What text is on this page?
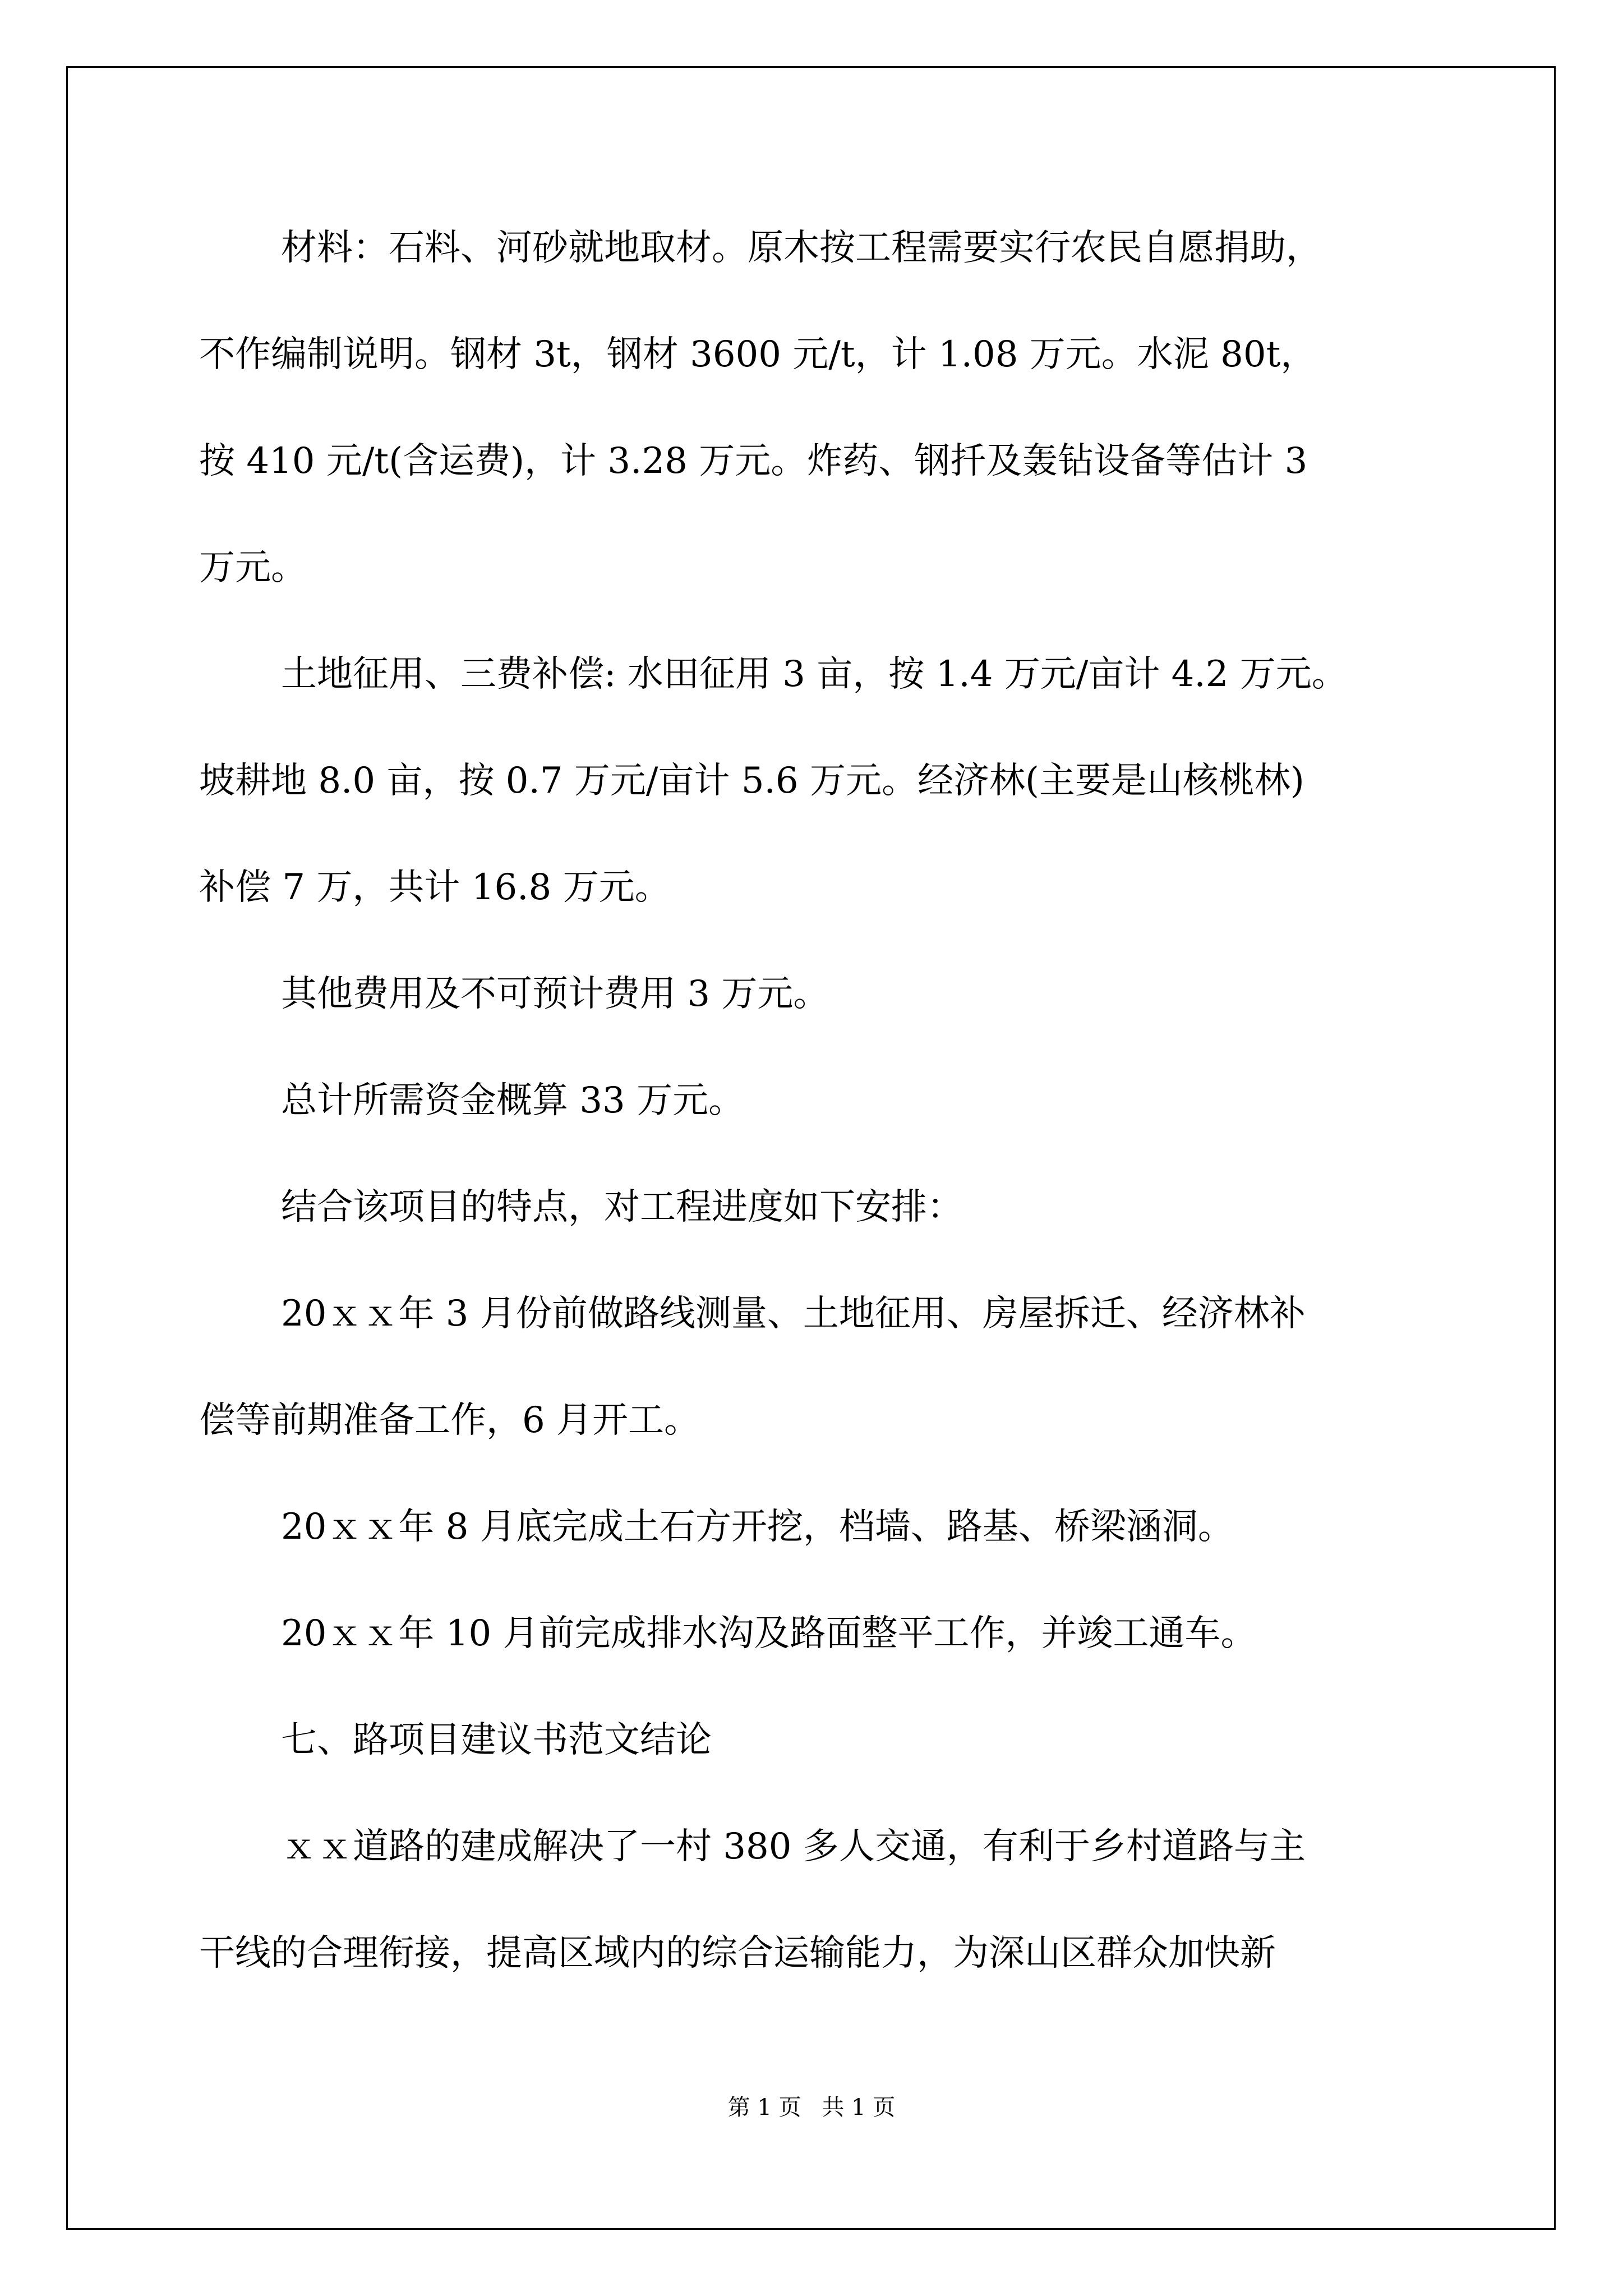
材料：石料、河砂就地取材。原木按工程需要实行农民自愿捐助，
不作编制说明。钢材 3t，钢材 3600 元/t，计 1.08 万元。水泥 80t，
按 410 元/t(含运费)，计 3.28 万元。炸药、钢扦及轰钻设备等估计 3
万元。
土地征用、三费补偿: 水田征用 3 亩，按 1.4 万元/亩计 4.2 万元。
坡耕地 8.0 亩，按 0.7 万元/亩计 5.6 万元。经济林(主要是山核桃林)
补偿 7 万，共计 16.8 万元。
其他费用及不可预计费用 3 万元。
总计所需资金概算 33 万元。
结合该项目的特点，对工程进度如下安排：
20ｘｘ年 3 月份前做路线测量、土地征用、房屋拆迁、经济林补
偿等前期准备工作，6 月开工。
20ｘｘ年 8 月底完成土石方开挖，档墙、路基、桥梁涵洞。
20ｘｘ年 10 月前完成排水沟及路面整平工作，并竣工通车。
七、路项目建议书范文结论
ｘｘ道路的建成解决了一村 380 多人交通，有利于乡村道路与主
干线的合理衔接，提高区域内的综合运输能力，为深山区群众加快新
第 1 页 共 1 页
